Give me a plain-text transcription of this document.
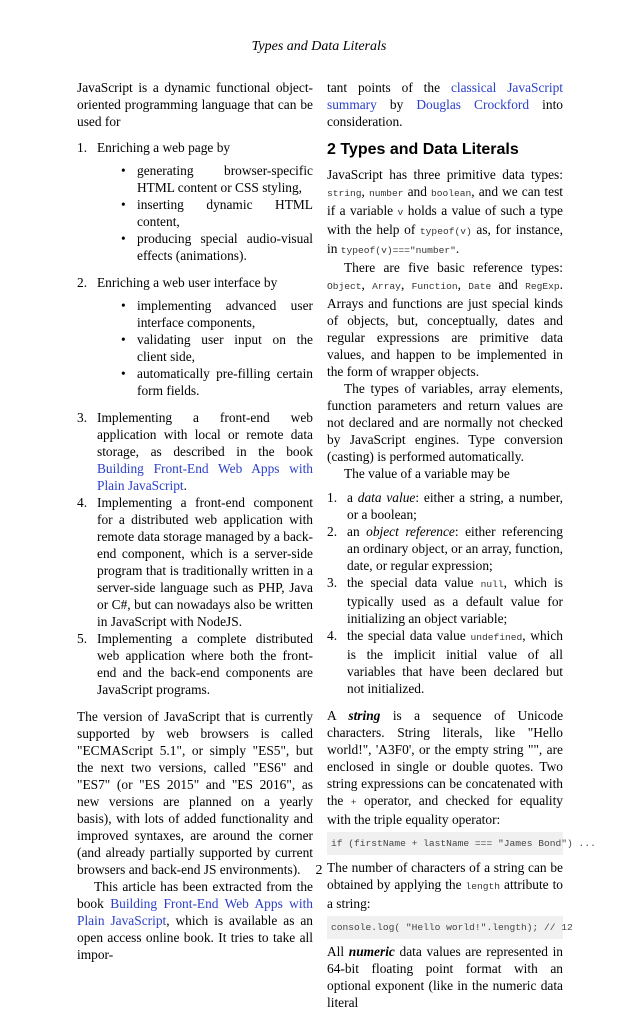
Types and Data Literals

JavaScript is a dynamic functional object-oriented programming language that can be used for

1. Enriching a web page by
• generating browser-specific HTML content or CSS styling,
• inserting dynamic HTML content,
• producing special audio-visual effects (animations).
2. Enriching a web user interface by
• implementing advanced user interface components,
• validating user input on the client side,
• automatically pre-filling certain form fields.
3. Implementing a front-end web application with local or remote data storage, as described in the book Building Front-End Web Apps with Plain JavaScript.
4. Implementing a front-end component for a distributed web application with remote data storage managed by a back-end component, which is a server-side program that is traditionally written in a server-side language such as PHP, Java or C#, but can nowadays also be written in JavaScript with NodeJS.
5. Implementing a complete distributed web application where both the front-end and the back-end components are JavaScript programs.

The version of JavaScript that is currently supported by web browsers is called "ECMAScript 5.1", or simply "ES5", but the next two versions, called "ES6" and "ES7" (or "ES 2015" and "ES 2016", as new versions are planned on a yearly basis), with lots of added functionality and improved syntaxes, are around the corner (and already partially supported by current browsers and back-end JS environments).

This article has been extracted from the book Building Front-End Web Apps with Plain JavaScript, which is available as an open access online book. It tries to take all impor-

tant points of the classical JavaScript summary by Douglas Crockford into consideration.

2 Types and Data Literals

JavaScript has three primitive data types: string, number and boolean, and we can test if a variable v holds a value of such a type with the help of typeof(v) as, for instance, in typeof(v)==="number".

There are five basic reference types: Object, Array, Function, Date and RegExp. Arrays and functions are just special kinds of objects, but, conceptually, dates and regular expressions are primitive data values, and happen to be implemented in the form of wrapper objects.

The types of variables, array elements, function parameters and return values are not declared and are normally not checked by JavaScript engines. Type conversion (casting) is performed automatically.

The value of a variable may be

1. a data value: either a string, a number, or a boolean;
2. an object reference: either referencing an ordinary object, or an array, function, date, or regular expression;
3. the special data value null, which is typically used as a default value for initializing an object variable;
4. the special data value undefined, which is the implicit initial value of all variables that have been declared but not initialized.

A string is a sequence of Unicode characters. String literals, like "Hello world!", 'A3F0', or the empty string "", are enclosed in single or double quotes. Two string expressions can be concatenated with the + operator, and checked for equality with the triple equality operator:

if (firstName + lastName === "James Bond") ...

The number of characters of a string can be obtained by applying the length attribute to a string:

console.log( "Hello world!".length); // 12

All numeric data values are represented in 64-bit floating point format with an optional exponent (like in the numeric data literal

2
